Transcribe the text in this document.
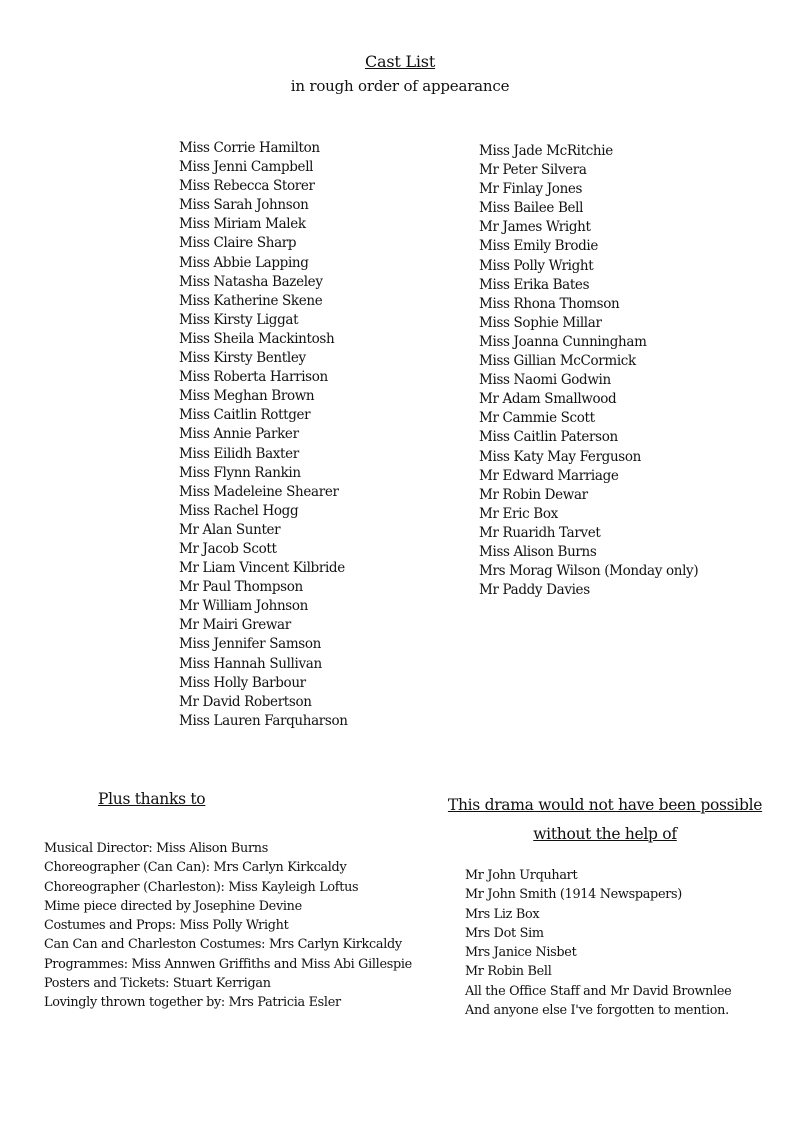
Cast List
in rough order of appearance
Miss Corrie Hamilton
Miss Jenni Campbell
Miss Rebecca Storer
Miss Sarah Johnson
Miss Miriam Malek
Miss Claire Sharp
Miss Abbie Lapping
Miss Natasha Bazeley
Miss Katherine Skene
Miss Kirsty Liggat
Miss Sheila Mackintosh
Miss Kirsty Bentley
Miss Roberta Harrison
Miss Meghan Brown
Miss Caitlin Rottger
Miss Annie Parker
Miss Eilidh Baxter
Miss Flynn Rankin
Miss Madeleine Shearer
Miss Rachel Hogg
Mr Alan Sunter
Mr Jacob Scott
Mr Liam Vincent Kilbride
Mr Paul Thompson
Mr William Johnson
Mr Mairi Grewar
Miss Jennifer Samson
Miss Hannah Sullivan
Miss Holly Barbour
Mr David Robertson
Miss Lauren Farquharson
Miss Jade McRitchie
Mr Peter Silvera
Mr Finlay Jones
Miss Bailee Bell
Mr James Wright
Miss Emily Brodie
Miss Polly Wright
Miss Erika Bates
Miss Rhona Thomson
Miss Sophie Millar
Miss Joanna Cunningham
Miss Gillian McCormick
Miss Naomi Godwin
Mr Adam Smallwood
Mr Cammie Scott
Miss Caitlin Paterson
Miss Katy May Ferguson
Mr Edward Marriage
Mr Robin Dewar
Mr Eric Box
Mr Ruaridh Tarvet
Miss Alison Burns
Mrs Morag Wilson (Monday only)
Mr Paddy Davies
Plus thanks to
Musical Director: Miss Alison Burns
Choreographer (Can Can): Mrs Carlyn Kirkcaldy
Choreographer (Charleston): Miss Kayleigh Loftus
Mime piece directed by Josephine Devine
Costumes and Props: Miss Polly Wright
Can Can and Charleston Costumes: Mrs Carlyn Kirkcaldy
Programmes: Miss Annwen Griffiths and Miss Abi Gillespie
Posters and Tickets: Stuart Kerrigan
Lovingly thrown together by: Mrs Patricia Esler
This drama would not have been possible without the help of
Mr John Urquhart
Mr John Smith (1914 Newspapers)
Mrs Liz Box
Mrs Dot Sim
Mrs Janice Nisbet
Mr Robin Bell
All the Office Staff and Mr David Brownlee
And anyone else I've forgotten to mention.
